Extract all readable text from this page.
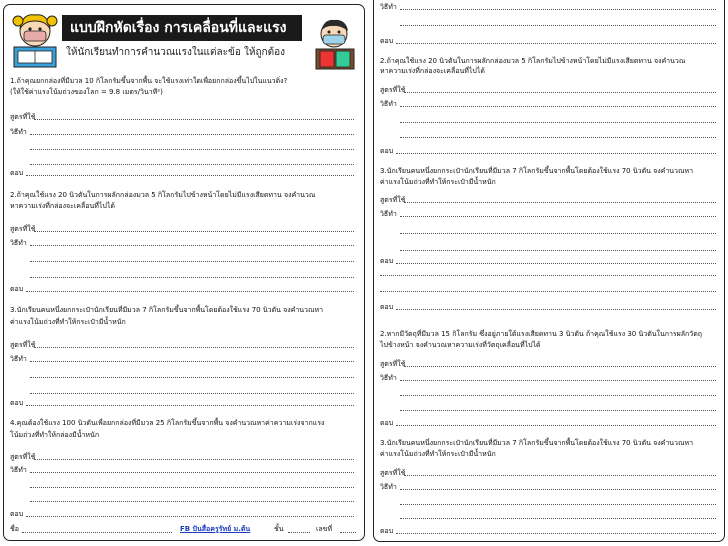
แบบฝึกหัดเรื่อง การเคลื่อนที่และแรง
ให้นักเรียนทำการคำนวณแรงในแต่ละข้อ ให้ถูกต้อง
1.ถ้าคุณยกกล่องที่มีมวล 10 กิโลกรัมขึ้นจากพื้น จะใช้แรงเท่าใดเพื่อยกกล่องขึ้นไปในแนวดิ่ง?
(ให้ใช้ค่าแรงโน้มถ่วงของโลก = 9.8 เมตร/วินาที²)
สูตรที่ใช้
วิธีทำ
ตอบ
2.ถ้าคุณใช้แรง 20 นิวตันในการผลักกล่องมวล 5 กิโลกรัมไปข้างหน้าโดยไม่มีแรงเสียดทาน จงคำนวณ
หาความเร่งที่กล่องจะเคลื่อนที่ไปได้
สูตรที่ใช้
วิธีทำ
ตอบ
3.นักเรียนคนหนึ่งยกกระเป๋านักเรียนที่มีมวล 7 กิโลกรัมขึ้นจากพื้นโดยต้องใช้แรง 70 นิวตัน จงคำนวณหา
ค่าแรงโน้มถ่วงที่ทำให้กระเป๋ามีน้ำหนัก
สูตรที่ใช้
วิธีทำ
ตอบ
4.คุณต้องใช้แรง 100 นิวตันเพื่อยกกล่องที่มีมวล 25 กิโลกรัมขึ้นจากพื้น จงคำนวณหาค่าความเร่งจากแรง
โน้มถ่วงที่ทำให้กล่องมีน้ำหนัก
สูตรที่ใช้
วิธีทำ
ตอบ
ชื่อ	FB ปันสื่อครูรัทย์ ม.ต้น	ชั้น	เลขที่
วิธีทำ
ตอบ
2.ถ้าคุณใช้แรง 20 นิวตันในการผลักกล่องมวล 5 กิโลกรัมไปข้างหน้าโดยไม่มีแรงเสียดทาน จงคำนวณ
หาความเร่งที่กล่องจะเคลื่อนที่ไปได้
สูตรที่ใช้
วิธีทำ
ตอบ
3.นักเรียนคนหนึ่งยกกระเป๋านักเรียนที่มีมวล 7 กิโลกรัมขึ้นจากพื้นโดยต้องใช้แรง 70 นิวตัน จงคำนวณหา
ค่าแรงโน้มถ่วงที่ทำให้กระเป๋ามีน้ำหนัก
สูตรที่ใช้
วิธีทำ
ตอบ
ตอบ
2.หากมีวัตถุที่มีมวล 15 กิโลกรัม ซึ่งอยู่ภายใต้แรงเสียดทาน 3 นิวตัน ถ้าคุณใช้แรง 30 นิวตันในการผลักวัตถุ
ไปข้างหน้า จงคำนวณหาความเร่งที่วัตถุเคลื่อนที่ไปได้
สูตรที่ใช้
วิธีทำ
ตอบ
3.นักเรียนคนหนึ่งยกกระเป๋านักเรียนที่มีมวล 7 กิโลกรัมขึ้นจากพื้นโดยต้องใช้แรง 70 นิวตัน จงคำนวณหา
ค่าแรงโน้มถ่วงที่ทำให้กระเป๋ามีน้ำหนัก
สูตรที่ใช้
วิธีทำ
ตอบ
